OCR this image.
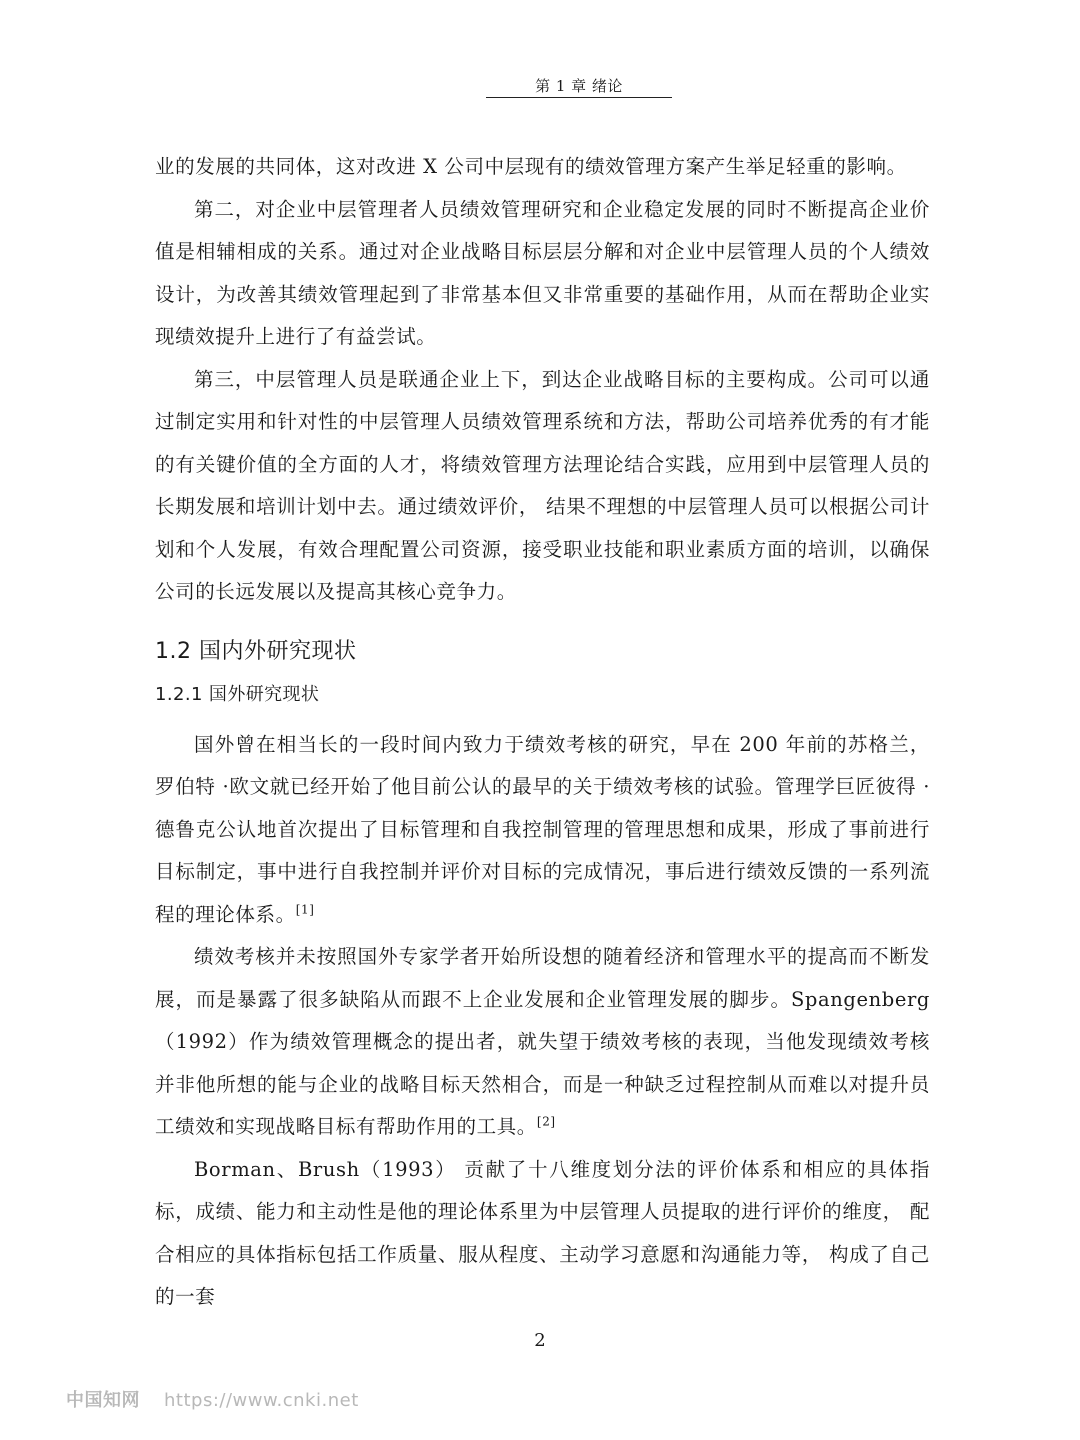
第 1 章 绪论

业的发展的共同体，这对改进 X 公司中层现有的绩效管理方案产生举足轻重的影响。

第二，对企业中层管理者人员绩效管理研究和企业稳定发展的同时不断提高企业价值是相辅相成的关系。通过对企业战略目标层层分解和对企业中层管理人员的个人绩效设计，为改善其绩效管理起到了非常基本但又非常重要的基础作用，从而在帮助企业实现绩效提升上进行了有益尝试。

第三，中层管理人员是联通企业上下，到达企业战略目标的主要构成。公司可以通过制定实用和针对性的中层管理人员绩效管理系统和方法，帮助公司培养优秀的有才能的有关键价值的全方面的人才，将绩效管理方法理论结合实践，应用到中层管理人员的长期发展和培训计划中去。通过绩效评价， 结果不理想的中层管理人员可以根据公司计划和个人发展，有效合理配置公司资源，接受职业技能和职业素质方面的培训，以确保公司的长远发展以及提高其核心竞争力。

1.2 国内外研究现状
1.2.1 国外研究现状

国外曾在相当长的一段时间内致力于绩效考核的研究，早在 200 年前的苏格兰，罗伯特 ·欧文就已经开始了他目前公认的最早的关于绩效考核的试验。管理学巨匠彼得 ·德鲁克公认地首次提出了目标管理和自我控制管理的管理思想和成果，形成了事前进行目标制定，事中进行自我控制并评价对目标的完成情况，事后进行绩效反馈的一系列流程的理论体系。[1]

绩效考核并未按照国外专家学者开始所设想的随着经济和管理水平的提高而不断发展，而是暴露了很多缺陷从而跟不上企业发展和企业管理发展的脚步。Spangenberg（1992）作为绩效管理概念的提出者，就失望于绩效考核的表现，当他发现绩效考核并非他所想的能与企业的战略目标天然相合，而是一种缺乏过程控制从而难以对提升员工绩效和实现战略目标有帮助作用的工具。[2]

Borman、Brush（1993） 贡献了十八维度划分法的评价体系和相应的具体指标，成绩、能力和主动性是他的理论体系里为中层管理人员提取的进行评价的维度， 配合相应的具体指标包括工作质量、服从程度、主动学习意愿和沟通能力等， 构成了自己的一套

2
中国知网 https://www.cnki.net
